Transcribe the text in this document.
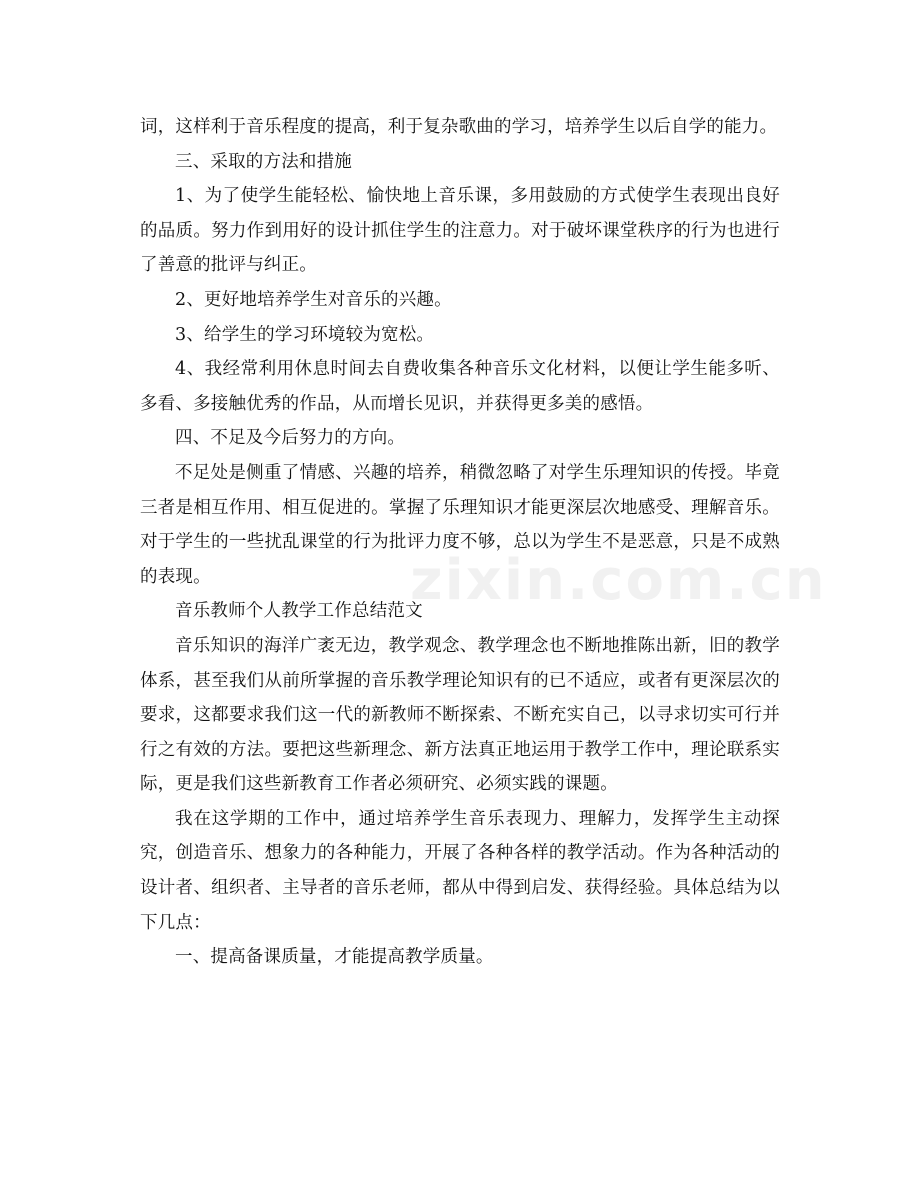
zixin.com.cn

词，这样利于音乐程度的提高，利于复杂歌曲的学习，培养学生以后自学的能力。

三、采取的方法和措施

1、为了使学生能轻松、愉快地上音乐课，多用鼓励的方式使学生表现出良好的品质。努力作到用好的设计抓住学生的注意力。对于破坏课堂秩序的行为也进行了善意的批评与纠正。

2、更好地培养学生对音乐的兴趣。

3、给学生的学习环境较为宽松。

4、我经常利用休息时间去自费收集各种音乐文化材料，以便让学生能多听、多看、多接触优秀的作品，从而增长见识，并获得更多美的感悟。

四、不足及今后努力的方向。

不足处是侧重了情感、兴趣的培养，稍微忽略了对学生乐理知识的传授。毕竟三者是相互作用、相互促进的。掌握了乐理知识才能更深层次地感受、理解音乐。对于学生的一些扰乱课堂的行为批评力度不够，总以为学生不是恶意，只是不成熟的表现。

音乐教师个人教学工作总结范文

音乐知识的海洋广袤无边，教学观念、教学理念也不断地推陈出新，旧的教学体系，甚至我们从前所掌握的音乐教学理论知识有的已不适应，或者有更深层次的要求，这都要求我们这一代的新教师不断探索、不断充实自己，以寻求切实可行并行之有效的方法。要把这些新理念、新方法真正地运用于教学工作中，理论联系实际，更是我们这些新教育工作者必须研究、必须实践的课题。

我在这学期的工作中，通过培养学生音乐表现力、理解力，发挥学生主动探究，创造音乐、想象力的各种能力，开展了各种各样的教学活动。作为各种活动的设计者、组织者、主导者的音乐老师，都从中得到启发、获得经验。具体总结为以下几点：

一、提高备课质量，才能提高教学质量。
